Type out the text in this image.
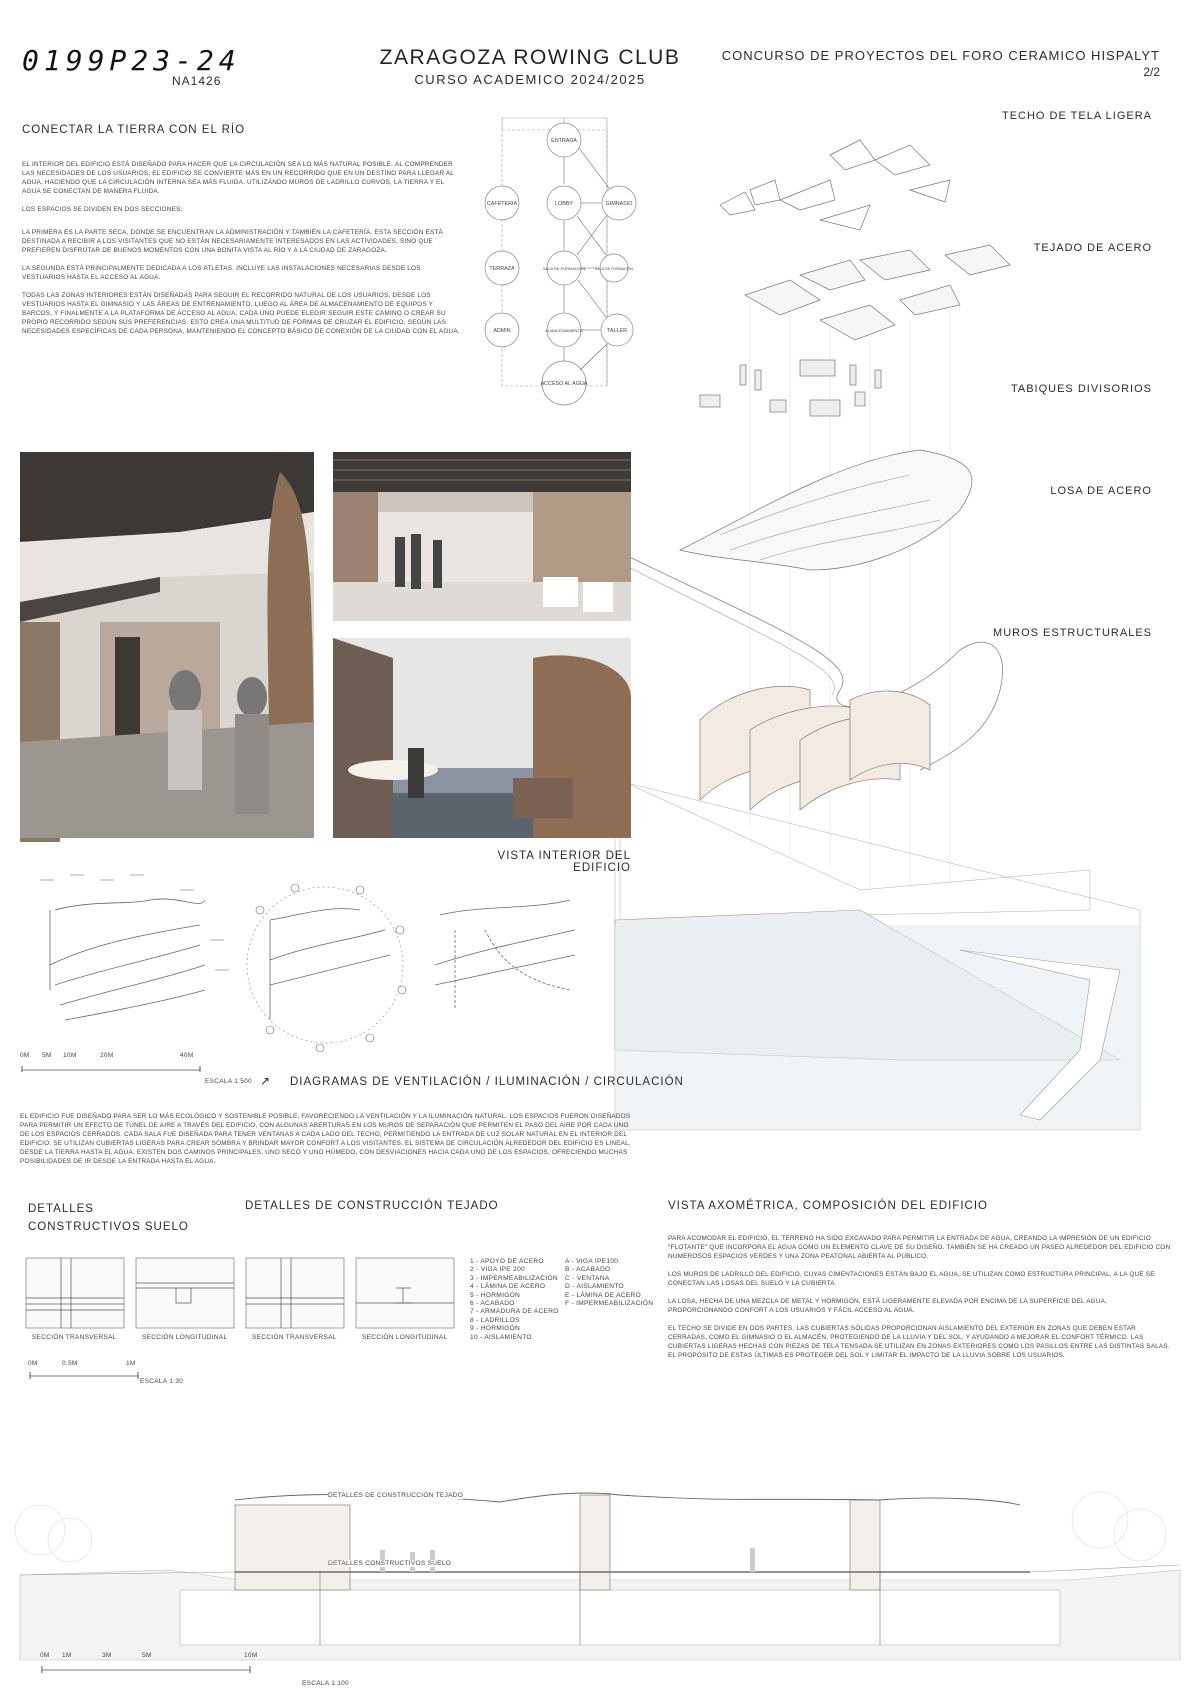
0199P23-24
NA1426
ZARAGOZA ROWING CLUB
CURSO ACADEMICO 2024/2025
CONCURSO DE PROYECTOS DEL FORO CERAMICO HISPALYT
2/2
CONECTAR LA TIERRA CON EL RÍO

EL INTERIOR DEL EDIFICIO ESTÁ DISEÑADO PARA HACER QUE LA CIRCULACIÓN SEA LO MÁS NATURAL POSIBLE. AL COMPRENDER LAS NECESIDADES DE LOS USUARIOS, EL EDIFICIO SE CONVIERTE MÁS EN UN RECORRIDO QUE EN UN DESTINO PARA LLEGAR AL AGUA, HACIENDO QUE LA CIRCULACIÓN INTERNA SEA MÁS FLUIDA. UTILIZANDO MUROS DE LADRILLO CURVOS, LA TIERRA Y EL AGUA SE CONECTAN DE MANERA FLUIDA.

LOS ESPACIOS SE DIVIDEN EN DOS SECCIONES:

LA PRIMERA ES LA PARTE SECA, DONDE SE ENCUENTRAN LA ADMINISTRACIÓN Y TAMBIÉN LA CAFETERÍA. ESTA SECCIÓN ESTÁ DESTINADA A RECIBIR A LOS VISITANTES QUE NO ESTÁN NECESARIAMENTE INTERESADOS EN LAS ACTIVIDADES, SINO QUE PREFIEREN DISFRUTAR DE BUENOS MOMENTOS CON UNA BONITA VISTA AL RÍO Y A LA CIUDAD DE ZARAGOZA.

LA SEGUNDA ESTÁ PRINCIPALMENTE DEDICADA A LOS ATLETAS. INCLUYE LAS INSTALACIONES NECESARIAS DESDE LOS VESTUARIOS HASTA EL ACCESO AL AGUA.

TODAS LAS ZONAS INTERIORES ESTÁN DISEÑADAS PARA SEGUIR EL RECORRIDO NATURAL DE LOS USUARIOS, DESDE LOS VESTUARIOS HASTA EL GIMNASIO Y LAS ÁREAS DE ENTRENAMIENTO, LUEGO AL ÁREA DE ALMACENAMIENTO DE EQUIPOS Y BARCOS, Y FINALMENTE A LA PLATAFORMA DE ACCESO AL AGUA. CADA UNO PUEDE ELEGIR SEGUIR ESTE CAMINO O CREAR SU PROPIO RECORRIDO SEGÚN SUS PREFERENCIAS. ESTO CREA UNA MULTITUD DE FORMAS DE CRUZAR EL EDIFICIO, SEGÚN LAS NECESIDADES ESPECÍFICAS DE CADA PERSONA, MANTENIENDO EL CONCEPTO BÁSICO DE CONEXIÓN DE LA CIUDAD CON EL AGUA.

ENTRADA
CAFETERIA	LOBBY	GIMNASIO
TERRAZA	SALA DE FORMACIÓN	SALA DE FORMACIÓN
ADMIN	ALMACENAMIENTO	TALLER
ACCESO AL AGUA
TECHO DE TELA LIGERA
TEJADO DE ACERO
TABIQUES DIVISORIOS
LOSA DE ACERO
MUROS ESTRUCTURALES
VISTA INTERIOR DEL EDIFICIO
0M 5M 10M	20M	40M
ESCALA 1:500 ↗ DIAGRAMAS DE VENTILACIÓN / ILUMINACIÓN / CIRCULACIÓN
EL EDIFICIO FUE DISEÑADO PARA SER LO MÁS ECOLÓGICO Y SOSTENIBLE POSIBLE, FAVORECIENDO LA VENTILACIÓN Y LA ILUMINACIÓN NATURAL. LOS ESPACIOS FUERON DISEÑADOS PARA PERMITIR UN EFECTO DE TÚNEL DE AIRE A TRAVÉS DEL EDIFICIO, CON ALGUNAS ABERTURAS EN LOS MUROS DE SEPARACIÓN QUE PERMITEN EL PASO DEL AIRE POR CADA UNO DE LOS ESPACIOS CERRADOS. CADA SALA FUE DISEÑADA PARA TENER VENTANAS A CADA LADO DEL TECHO, PERMITIENDO LA ENTRADA DE LUZ SOLAR NATURAL EN EL INTERIOR DEL EDIFICIO. SE UTILIZAN CUBIERTAS LIGERAS PARA CREAR SOMBRA Y BRINDAR MAYOR CONFORT A LOS VISITANTES. EL SISTEMA DE CIRCULACIÓN ALREDEDOR DEL EDIFICIO ES LINEAL, DESDE LA TIERRA HASTA EL AGUA. EXISTEN DOS CAMINOS PRINCIPALES, UNO SECO Y UNO HÚMEDO, CON DESVIACIONES HACIA CADA UNO DE LOS ESPACIOS, OFRECIENDO MUCHAS POSIBILIDADES DE IR DESDE LA ENTRADA HASTA EL AGUA.
DETALLES CONSTRUCTIVOS SUELO
DETALLES DE CONSTRUCCIÓN TEJADO
SECCIÓN TRANSVERSAL	SECCIÓN LONGITUDINAL	SECCIÓN TRANSVERSAL	SECCIÓN LONGITUDINAL
1 - APOYO DE ACERO
2 - VIGA IPE 200
3 - IMPERMEABILIZACIÓN
4 - LÁMINA DE ACERO
5 - HORMIGÓN
6 - ACABADO
7 - ARMADURA DE ACERO
8 - LADRILLOS
9 - HORMIGÓN
10 - AISLAMIENTO
A - VIGA IPE100
B - ACABADO
C - VENTANA
D - AISLAMIENTO
E - LÁMINA DE ACERO
F - IMPERMEABILIZACIÓN
0M	0.5M	1M
ESCALA 1:30
VISTA AXOMÉTRICA, COMPOSICIÓN DEL EDIFICIO

PARA ACOMODAR EL EDIFICIO, EL TERRENO HA SIDO EXCAVADO PARA PERMITIR LA ENTRADA DE AGUA, CREANDO LA IMPRESIÓN DE UN EDIFICIO "FLOTANTE" QUE INCORPORA EL AGUA COMO UN ELEMENTO CLAVE DE SU DISEÑO. TAMBIÉN SE HA CREADO UN PASEO ALREDEDOR DEL EDIFICIO CON NUMEROSOS ESPACIOS VERDES Y UNA ZONA PEATONAL ABIERTA AL PÚBLICO.

LOS MUROS DE LADRILLO DEL EDIFICIO, CUYAS CIMENTACIONES ESTÁN BAJO EL AGUA, SE UTILIZAN COMO ESTRUCTURA PRINCIPAL, A LA QUE SE CONECTAN LAS LOSAS DEL SUELO Y LA CUBIERTA.

LA LOSA, HECHA DE UNA MEZCLA DE METAL Y HORMIGÓN, ESTÁ LIGERAMENTE ELEVADA POR ENCIMA DE LA SUPERFICIE DEL AGUA, PROPORCIONANDO CONFORT A LOS USUARIOS Y FÁCIL ACCESO AL AGUA.

EL TECHO SE DIVIDE EN DOS PARTES. LAS CUBIERTAS SÓLIDAS PROPORCIONAN AISLAMIENTO DEL EXTERIOR EN ZONAS QUE DEBEN ESTAR CERRADAS, COMO EL GIMNASIO O EL ALMACÉN, PROTEGIENDO DE LA LLUVIA Y DEL SOL, Y AYUDANDO A MEJORAR EL CONFORT TÉRMICO. LAS CUBIERTAS LIGERAS HECHAS CON PIEZAS DE TELA TENSADA SE UTILIZAN EN ZONAS EXTERIORES COMO LOS PASILLOS ENTRE LAS DISTINTAS SALAS. EL PROPÓSITO DE ESTAS ÚLTIMAS ES PROTEGER DEL SOL Y LIMITAR EL IMPACTO DE LA LLUVIA SOBRE LOS USUARIOS.

DETALLES DE CONSTRUCCIÓN TEJADO
DETALLES CONSTRUCTIVOS SUELO
0M 1M	3M	5M	10M
ESCALA 1:100
